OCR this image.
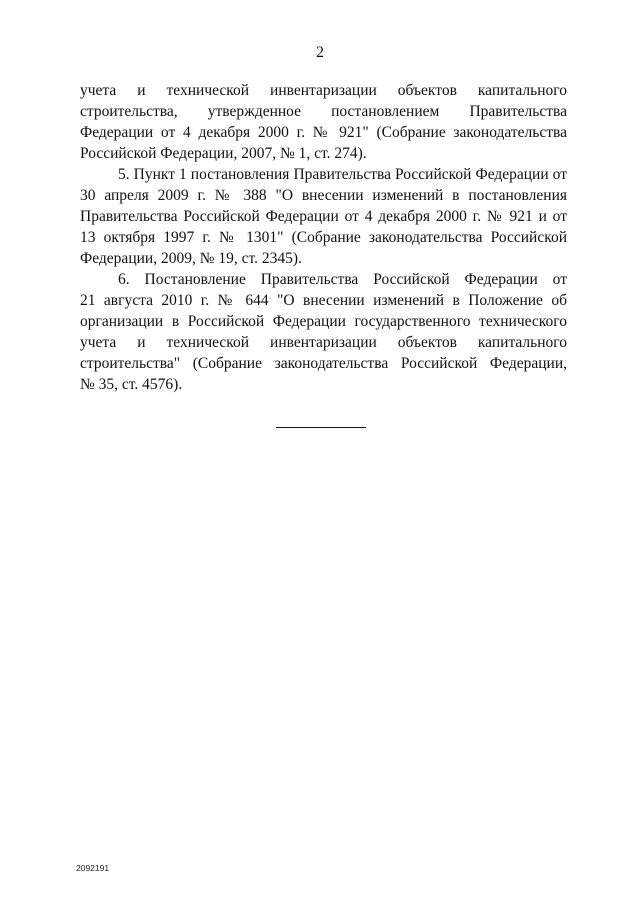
2
учета и технической инвентаризации объектов капитального
строительства, утвержденное постановлением Правительства
Федерации от 4 декабря 2000 г. № 921" (Собрание законодательства
Российской Федерации, 2007, № 1, ст. 274).
5. Пункт 1 постановления Правительства Российской Федерации от
30 апреля 2009 г. № 388 "О внесении изменений в постановления
Правительства Российской Федерации от 4 декабря 2000 г. № 921 и от
13 октября 1997 г. № 1301" (Собрание законодательства Российской
Федерации, 2009, № 19, ст. 2345).
6. Постановление Правительства Российской Федерации от
21 августа 2010 г. № 644 "О внесении изменений в Положение об
организации в Российской Федерации государственного технического
учета и технической инвентаризации объектов капитального
строительства" (Собрание законодательства Российской Федерации,
№ 35, ст. 4576).
2092191
